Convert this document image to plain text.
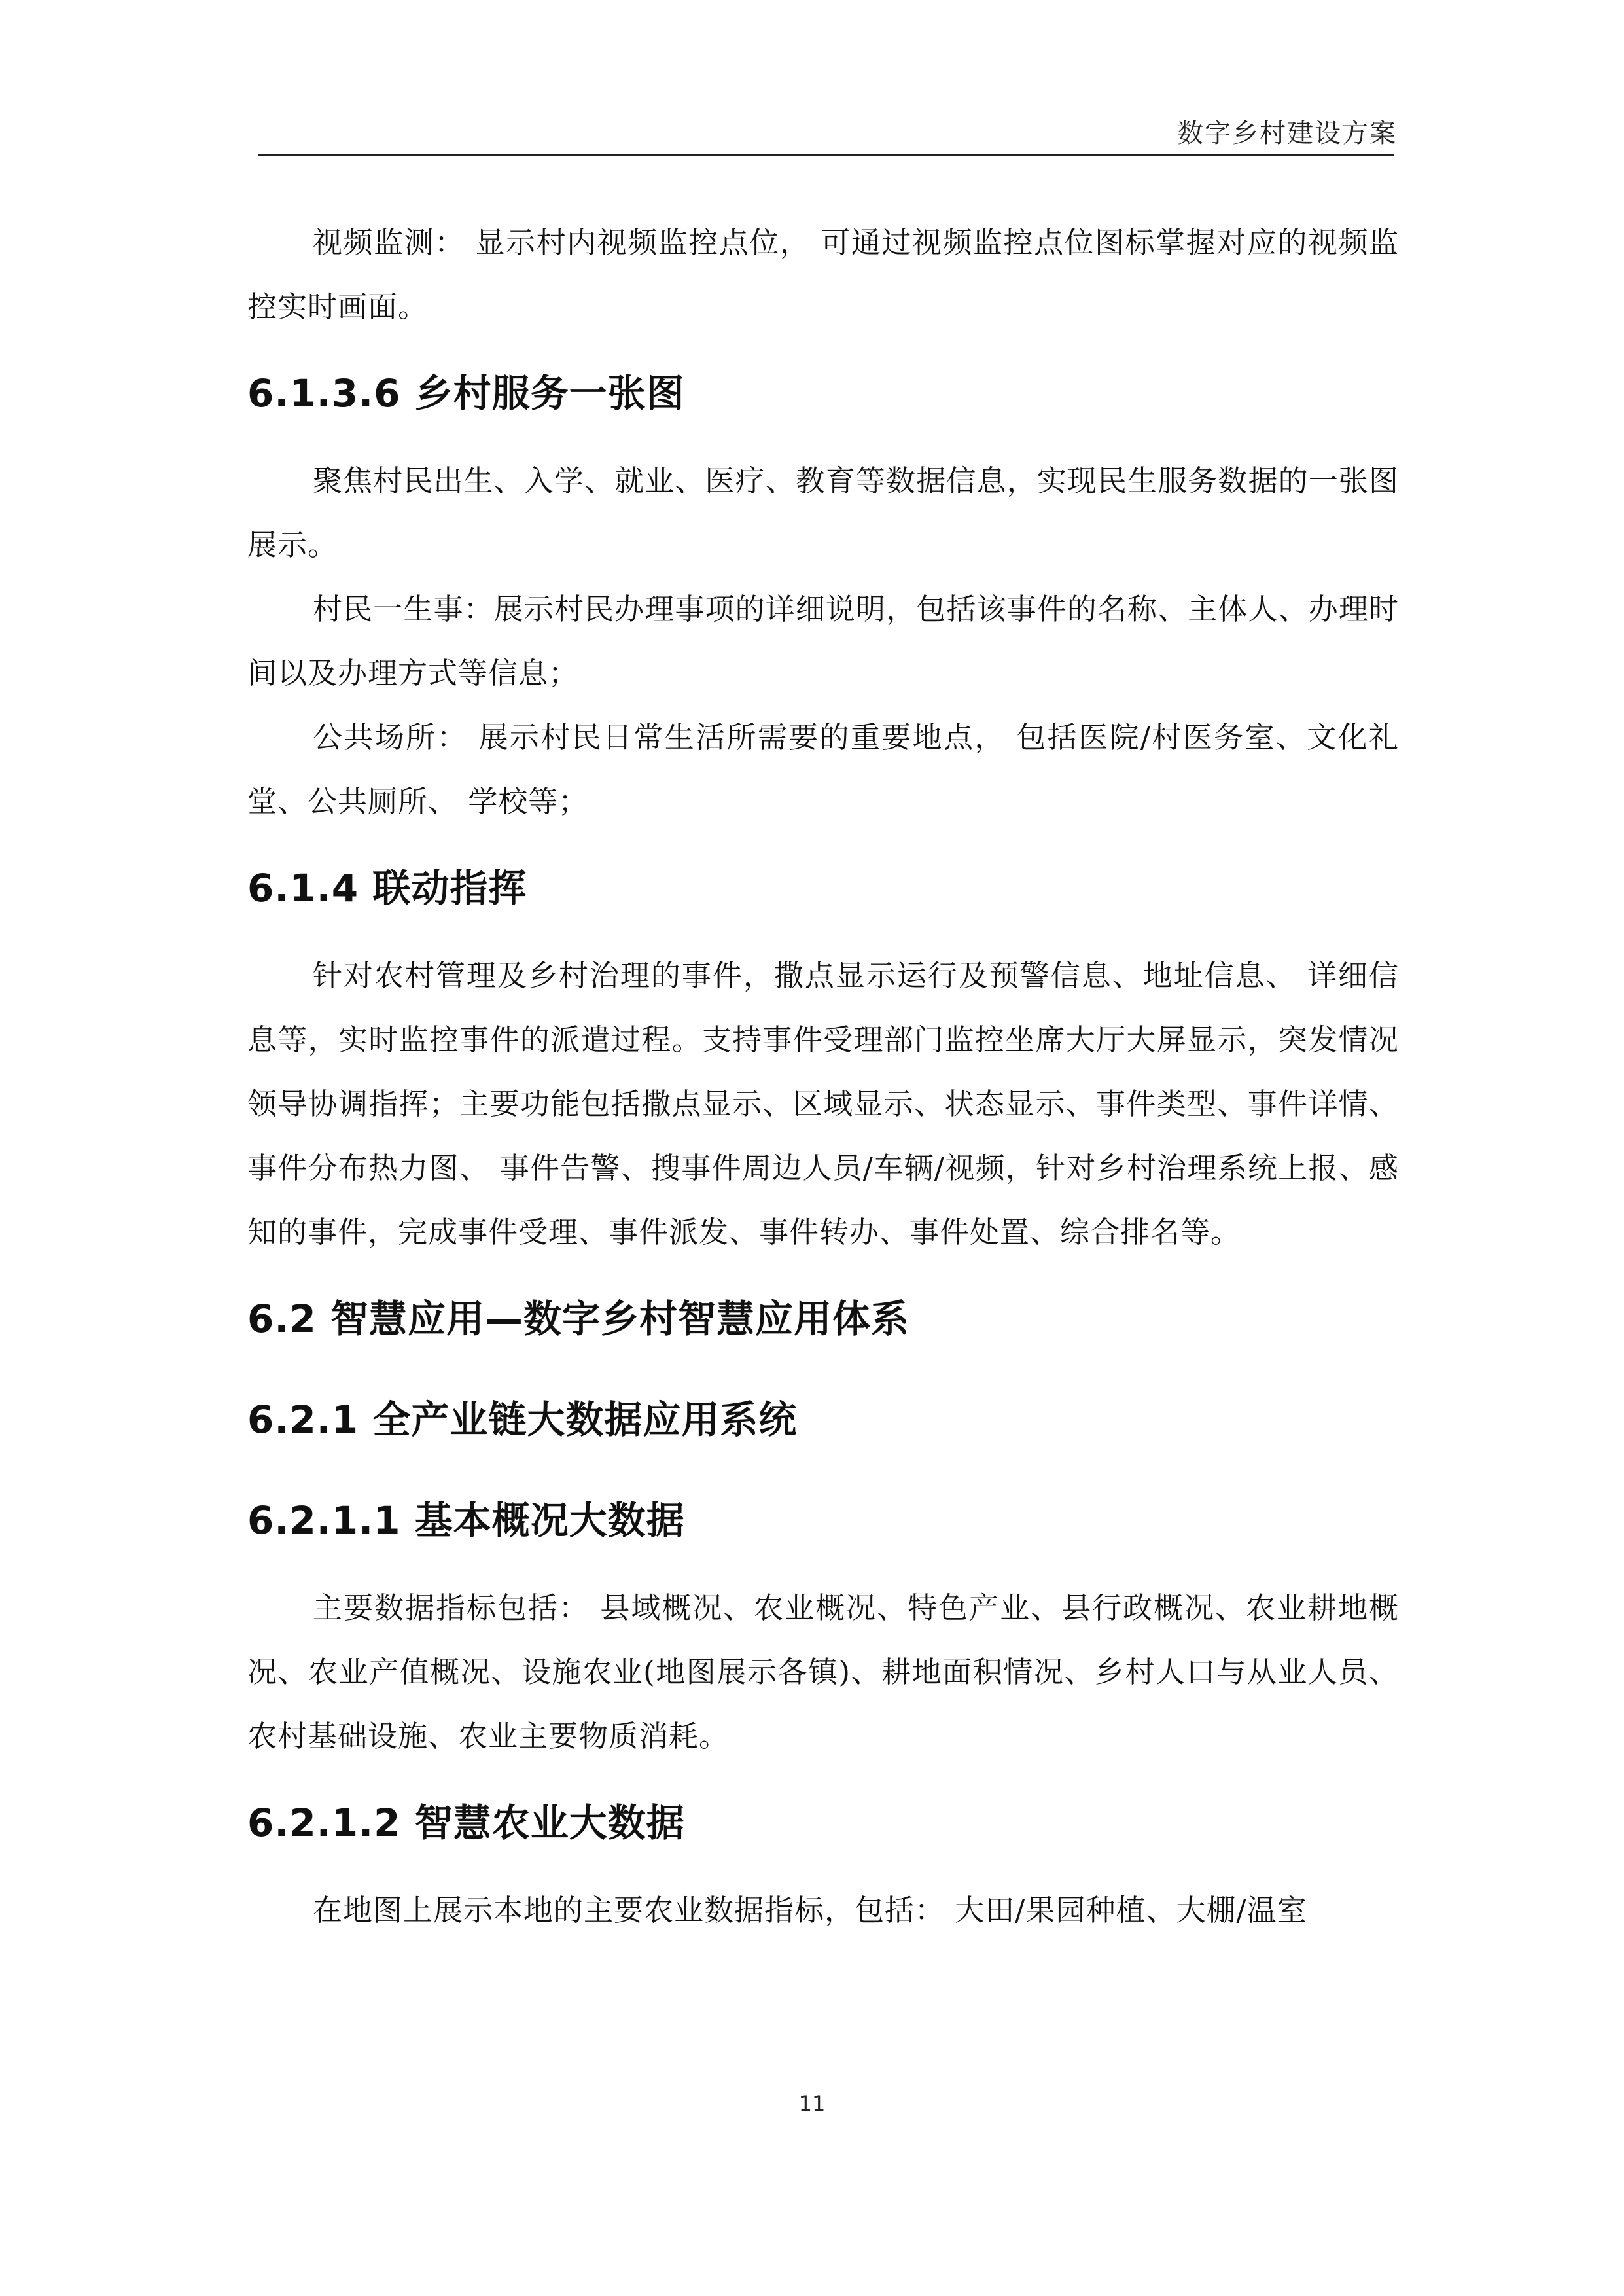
数字乡村建设方案

视频监测： 显示村内视频监控点位， 可通过视频监控点位图标掌握对应的视频监控实时画面。

6.1.3.6 乡村服务一张图

聚焦村民出生、入学、就业、医疗、教育等数据信息，实现民生服务数据的一张图展示。

村民一生事：展示村民办理事项的详细说明，包括该事件的名称、主体人、办理时间以及办理方式等信息；

公共场所： 展示村民日常生活所需要的重要地点， 包括医院/村医务室、文化礼堂、公共厕所、 学校等；

6.1.4 联动指挥

针对农村管理及乡村治理的事件，撒点显示运行及预警信息、地址信息、 详细信息等，实时监控事件的派遣过程。支持事件受理部门监控坐席大厅大屏显示，突发情况领导协调指挥；主要功能包括撒点显示、区域显示、状态显示、事件类型、事件详情、事件分布热力图、 事件告警、搜事件周边人员/车辆/视频，针对乡村治理系统上报、感知的事件，完成事件受理、事件派发、事件转办、事件处置、综合排名等。

6.2 智慧应用—数字乡村智慧应用体系
6.2.1 全产业链大数据应用系统
6.2.1.1 基本概况大数据

主要数据指标包括： 县域概况、农业概况、特色产业、县行政概况、农业耕地概况、农业产值概况、设施农业(地图展示各镇)、耕地面积情况、乡村人口与从业人员、农村基础设施、农业主要物质消耗。

6.2.1.2 智慧农业大数据

在地图上展示本地的主要农业数据指标，包括： 大田/果园种植、大棚/温室

11
